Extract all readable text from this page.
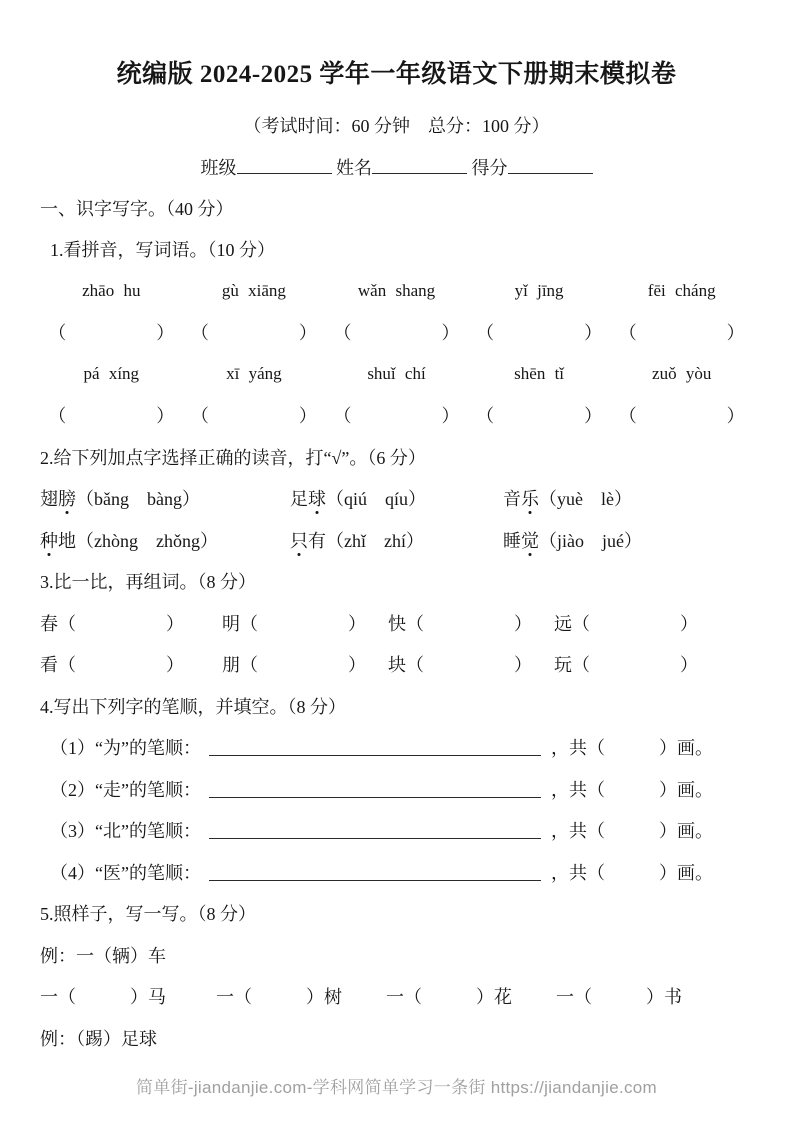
统编版 2024-2025 学年一年级语文下册期末模拟卷
（考试时间：60 分钟　总分：100 分）
班级	姓名	得分
一、识字写字。（40 分）
1.看拼音，写词语。（10 分）
zhāo hu	gù xiāng	wǎn shang	yǐ jīng	fēi cháng
（　　　　　） （　　　　　） （　　　　　） （　　　　　） （　　　　　）
pá xíng	xī yáng	shuǐ chí	shēn tǐ	zuǒ yòu
（　　　　　） （　　　　　） （　　　　　） （　　　　　） （　　　　　）
2.给下列加点字选择正确的读音，打“√”。（6 分）
翅膀（bǎng　bàng）	足球（qiú　qíu）	音乐（yuè　lè）
种地（zhòng　zhǒng）	只有（zhǐ　zhí）	睡觉（jiào　jué）
3.比一比，再组词。（8 分）
春（　　　　　）	明（　　　　　）	快（　　　　　）	远（　　　　　）
看（　　　　　）	朋（　　　　　）	块（　　　　　）	玩（　　　　　）
4.写出下列字的笔顺，并填空。（8 分）
（1）“为”的笔顺：	，共（　　　）画。
（2）“走”的笔顺：	，共（　　　）画。
（3）“北”的笔顺：	，共（　　　）画。
（4）“医”的笔顺：	，共（　　　）画。
5.照样子，写一写。（8 分）
例：一（辆）车
一（　　　）马	一（　　　）树	一（　　　）花	一（　　　）书
例：（踢）足球
简单街-jiandanjie.com-学科网简单学习一条街 https://jiandanjie.com
